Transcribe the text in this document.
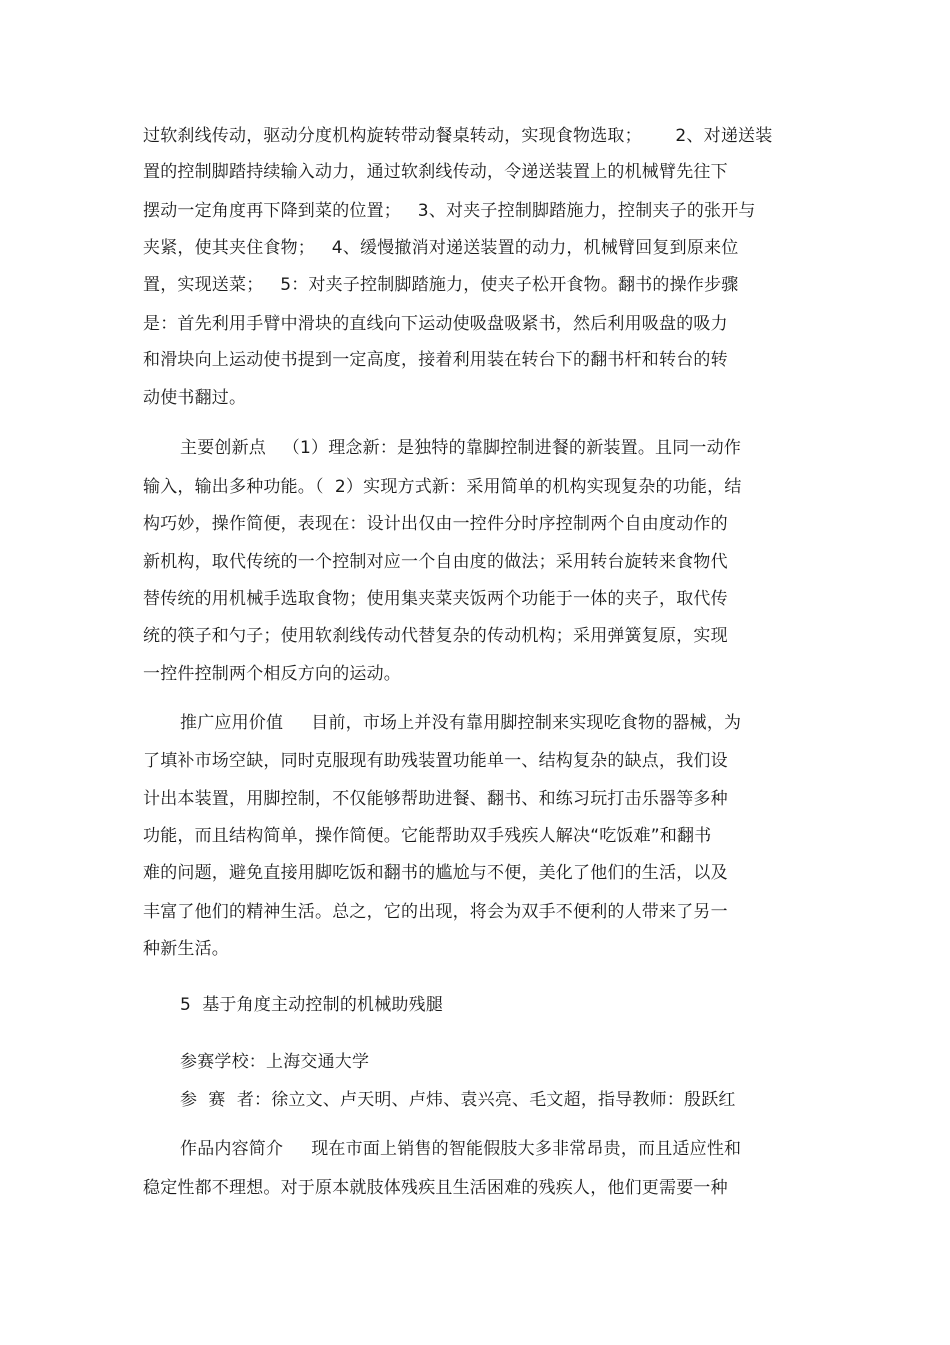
过软刹线传动，驱动分度机构旋转带动餐桌转动，实现食物选取；      2、对递送装
置的控制脚踏持续输入动力，通过软刹线传动，令递送装置上的机械臂先往下
摆动一定角度再下降到菜的位置；   3、对夹子控制脚踏施力，控制夹子的张开与
夹紧，使其夹住食物；   4、缓慢撤消对递送装置的动力，机械臂回复到原来位
置，实现送菜；   5：对夹子控制脚踏施力，使夹子松开食物。翻书的操作步骤
是：首先利用手臂中滑块的直线向下运动使吸盘吸紧书，然后利用吸盘的吸力
和滑块向上运动使书提到一定高度，接着利用装在转台下的翻书杆和转台的转
动使书翻过。
主要创新点   （1）理念新：是独特的靠脚控制进餐的新装置。且同一动作
输入，输出多种功能。（  2）实现方式新：采用简单的机构实现复杂的功能，结
构巧妙，操作简便，表现在：设计出仅由一控件分时序控制两个自由度动作的
新机构，取代传统的一个控制对应一个自由度的做法；采用转台旋转来食物代
替传统的用机械手选取食物；使用集夹菜夹饭两个功能于一体的夹子，取代传
统的筷子和勺子；使用软刹线传动代替复杂的传动机构；采用弹簧复原，实现
一控件控制两个相反方向的运动。
推广应用价值     目前，市场上并没有靠用脚控制来实现吃食物的器械，为
了填补市场空缺，同时克服现有助残装置功能单一、结构复杂的缺点，我们设
计出本装置，用脚控制，不仅能够帮助进餐、翻书、和练习玩打击乐器等多种
功能，而且结构简单，操作简便。它能帮助双手残疾人解决“吃饭难”和翻书
难的问题，避免直接用脚吃饭和翻书的尴尬与不便，美化了他们的生活，以及
丰富了他们的精神生活。总之，它的出现，将会为双手不便利的人带来了另一
种新生活。
5  基于角度主动控制的机械助残腿
参赛学校：上海交通大学
参  赛  者：徐立文、卢天明、卢炜、袁兴亮、毛文超，指导教师：殷跃红
作品内容简介     现在市面上销售的智能假肢大多非常昂贵，而且适应性和
稳定性都不理想。对于原本就肢体残疾且生活困难的残疾人，他们更需要一种
